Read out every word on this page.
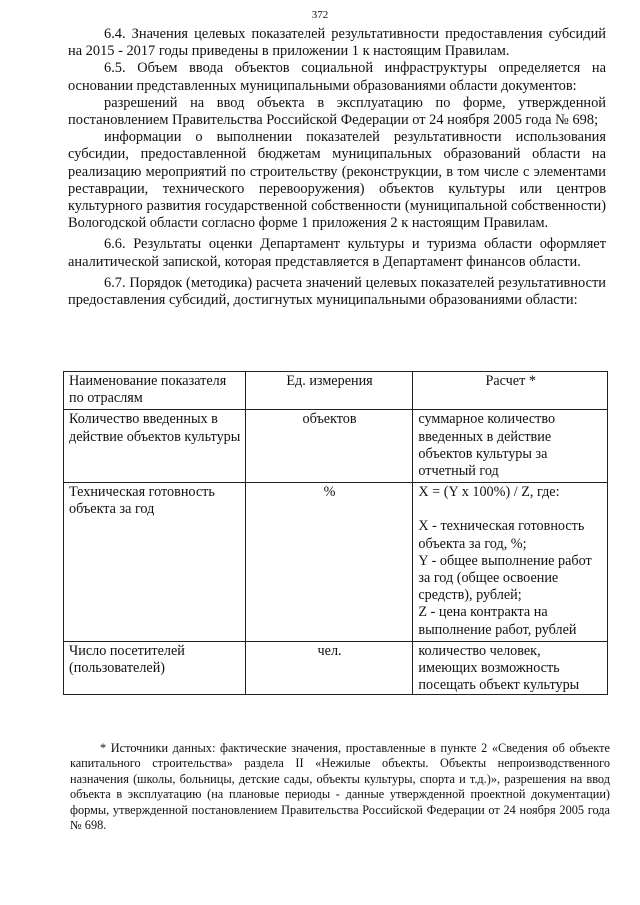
372

6.4. Значения целевых показателей результативности предоставления субсидий на 2015 - 2017 годы приведены в приложении 1 к настоящим Правилам.

6.5. Объем ввода объектов социальной инфраструктуры определяется на основании представленных муниципальными образованиями области документов:

разрешений на ввод объекта в эксплуатацию по форме, утвержденной постановлением Правительства Российской Федерации от 24 ноября 2005 года № 698;

информации о выполнении показателей результативности использования субсидии, предоставленной бюджетам муниципальных образований области на реализацию мероприятий по строительству (реконструкции, в том числе с элементами реставрации, технического перевооружения) объектов культуры или центров культурного развития государственной собственности (муниципальной собственности) Вологодской области согласно форме 1 приложения 2 к настоящим Правилам.

6.6. Результаты оценки Департамент культуры и туризма области оформляет аналитической запиской, которая представляется в Департамент финансов области.

6.7. Порядок (методика) расчета значений целевых показателей результативности предоставления субсидий, достигнутых муниципальными образованиями области:

Наименование показателя по отраслям	Ед. измерения	Расчет *
Количество введенных в действие объектов культуры	объектов	суммарное количество введенных в действие объектов культуры за отчетный год
Техническая готовность объекта за год	%	X = (Y x 100%) / Z, где:
X - техническая готовность объекта за год, %;
Y - общее выполнение работ за год (общее освоение средств), рублей;
Z - цена контракта на выполнение работ, рублей

Число посетителей (пользователей)	чел.	количество человек, имеющих возможность посещать объект культуры

* Источники данных: фактические значения, проставленные в пункте 2 «Сведения об объекте капитального строительства» раздела II «Нежилые объекты. Объекты непроизводственного назначения (школы, больницы, детские сады, объекты культуры, спорта и т.д.)», разрешения на ввод объекта в эксплуатацию (на плановые периоды - данные утвержденной проектной документации) формы, утвержденной постановлением Правительства Российской Федерации от 24 ноября 2005 года № 698.
